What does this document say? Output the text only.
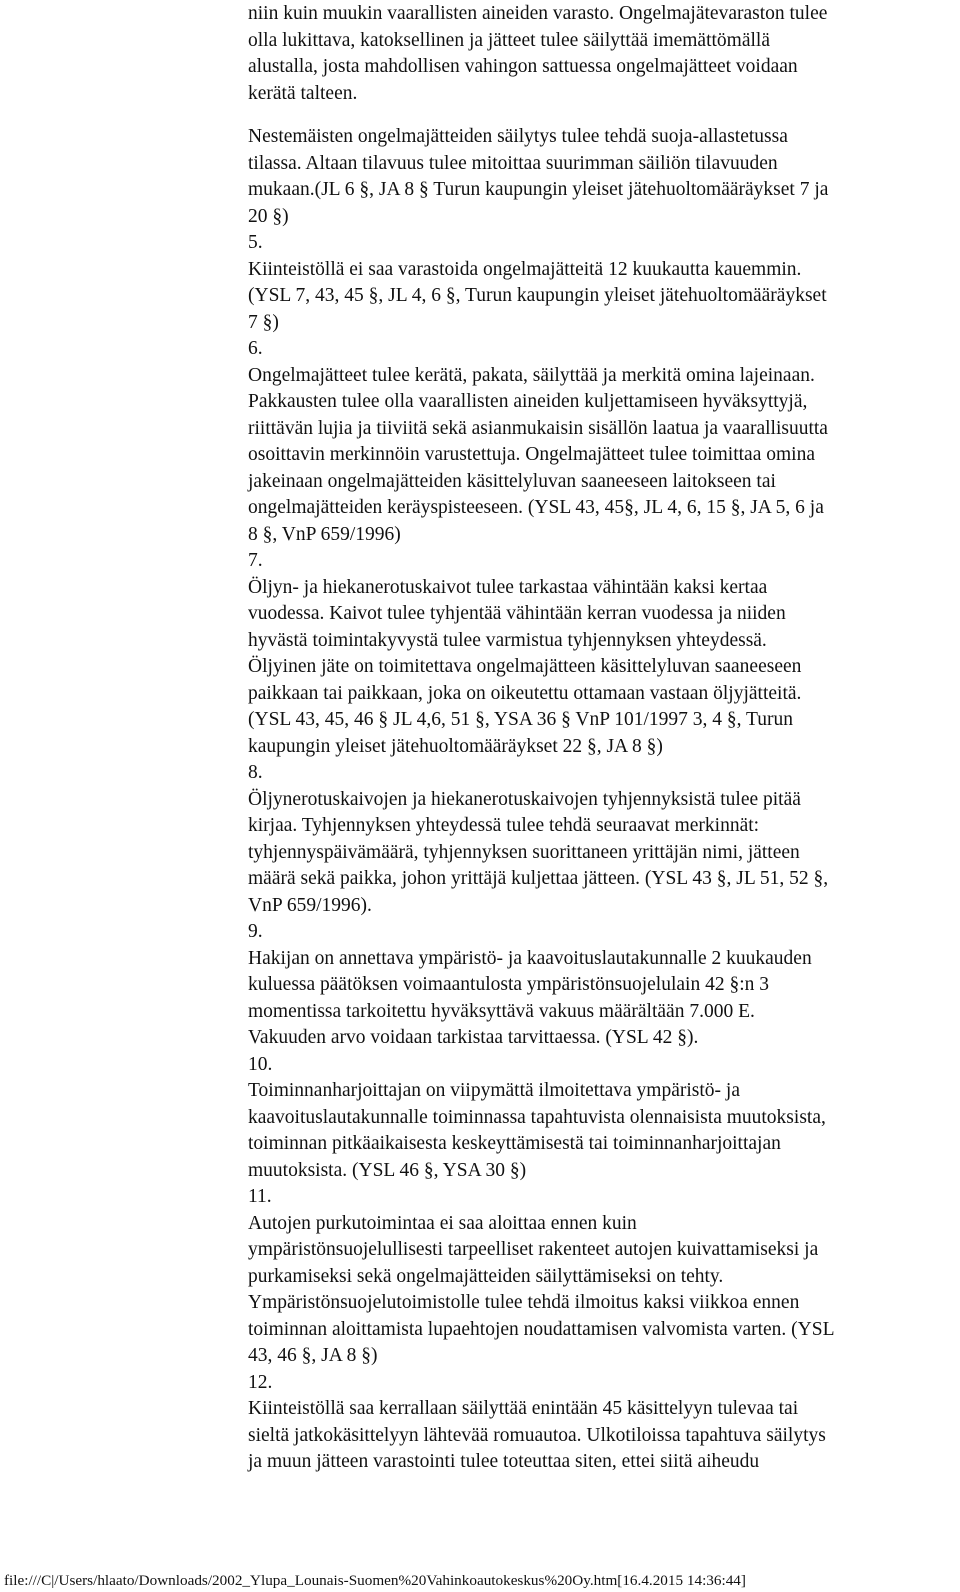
niin kuin muukin vaarallisten aineiden varasto. Ongelmajätevaraston tulee
olla lukittava, katoksellinen ja jätteet tulee säilyttää imemättömällä
alustalla, josta mahdollisen vahingon sattuessa ongelmajätteet voidaan
kerätä talteen.
Nestemäisten ongelmajätteiden säilytys tulee tehdä suoja-allastetussa
tilassa. Altaan tilavuus tulee mitoittaa suurimman säiliön tilavuuden
mukaan.(JL 6 §, JA 8 § Turun kaupungin yleiset jätehuoltomääräykset 7 ja
20 §)
5.
Kiinteistöllä ei saa varastoida ongelmajätteitä 12 kuukautta kauemmin.
(YSL 7, 43, 45 §, JL 4, 6 §, Turun kaupungin yleiset jätehuoltomääräykset
7 §)
6.
Ongelmajätteet tulee kerätä, pakata, säilyttää ja merkitä omina lajeinaan.
Pakkausten tulee olla vaarallisten aineiden kuljettamiseen hyväksyttyjä,
riittävän lujia ja tiiviitä sekä asianmukaisin sisällön laatua ja vaarallisuutta
osoittavin merkinnöin varustettuja. Ongelmajätteet tulee toimittaa omina
jakeinaan ongelmajätteiden käsittelyluvan saaneeseen laitokseen tai
ongelmajätteiden keräyspisteeseen. (YSL 43, 45§, JL 4, 6, 15 §, JA 5, 6 ja
8 §, VnP 659/1996)
7.
Öljyn- ja hiekanerotuskaivot tulee tarkastaa vähintään kaksi kertaa
vuodessa. Kaivot tulee tyhjentää vähintään kerran vuodessa ja niiden
hyvästä toimintakyvystä tulee varmistua tyhjennyksen yhteydessä.
Öljyinen jäte on toimitettava ongelmajätteen käsittelyluvan saaneeseen
paikkaan tai paikkaan, joka on oikeutettu ottamaan vastaan öljyjätteitä.
(YSL 43, 45, 46 § JL 4,6, 51 §, YSA 36 § VnP 101/1997 3, 4 §, Turun
kaupungin yleiset jätehuoltomääräykset 22 §, JA 8 §)
8.
Öljynerotuskaivojen ja hiekanerotuskaivojen tyhjennyksistä tulee pitää
kirjaa. Tyhjennyksen yhteydessä tulee tehdä seuraavat merkinnät:
tyhjennyspäivämäärä, tyhjennyksen suorittaneen yrittäjän nimi, jätteen
määrä sekä paikka, johon yrittäjä kuljettaa jätteen. (YSL 43 §, JL 51, 52 §,
VnP 659/1996).
9.
Hakijan on annettava ympäristö- ja kaavoituslautakunnalle 2 kuukauden
kuluessa päätöksen voimaantulosta ympäristönsuojelulain 42 §:n 3
momentissa tarkoitettu hyväksyttävä vakuus määrältään 7.000 E.
Vakuuden arvo voidaan tarkistaa tarvittaessa. (YSL 42 §).
10.
Toiminnanharjoittajan on viipymättä ilmoitettava ympäristö- ja
kaavoituslautakunnalle toiminnassa tapahtuvista olennaisista muutoksista,
toiminnan pitkäaikaisesta keskeyttämisestä tai toiminnanharjoittajan
muutoksista. (YSL 46 §, YSA 30 §)
11.
Autojen purkutoimintaa ei saa aloittaa ennen kuin
ympäristönsuojelullisesti tarpeelliset rakenteet autojen kuivattamiseksi ja
purkamiseksi sekä ongelmajätteiden säilyttämiseksi on tehty.
Ympäristönsuojelutoimistolle tulee tehdä ilmoitus kaksi viikkoa ennen
toiminnan aloittamista lupaehtojen noudattamisen valvomista varten. (YSL
43, 46 §, JA 8 §)
12.
Kiinteistöllä saa kerrallaan säilyttää enintään 45 käsittelyyn tulevaa tai
sieltä jatkokäsittelyyn lähtevää romuautoa. Ulkotiloissa tapahtuva säilytys
ja muun jätteen varastointi tulee toteuttaa siten, ettei siitä aiheudu
file:///C|/Users/hlaato/Downloads/2002_Ylupa_Lounais-Suomen%20Vahinkoautokeskus%20Oy.htm[16.4.2015 14:36:44]
